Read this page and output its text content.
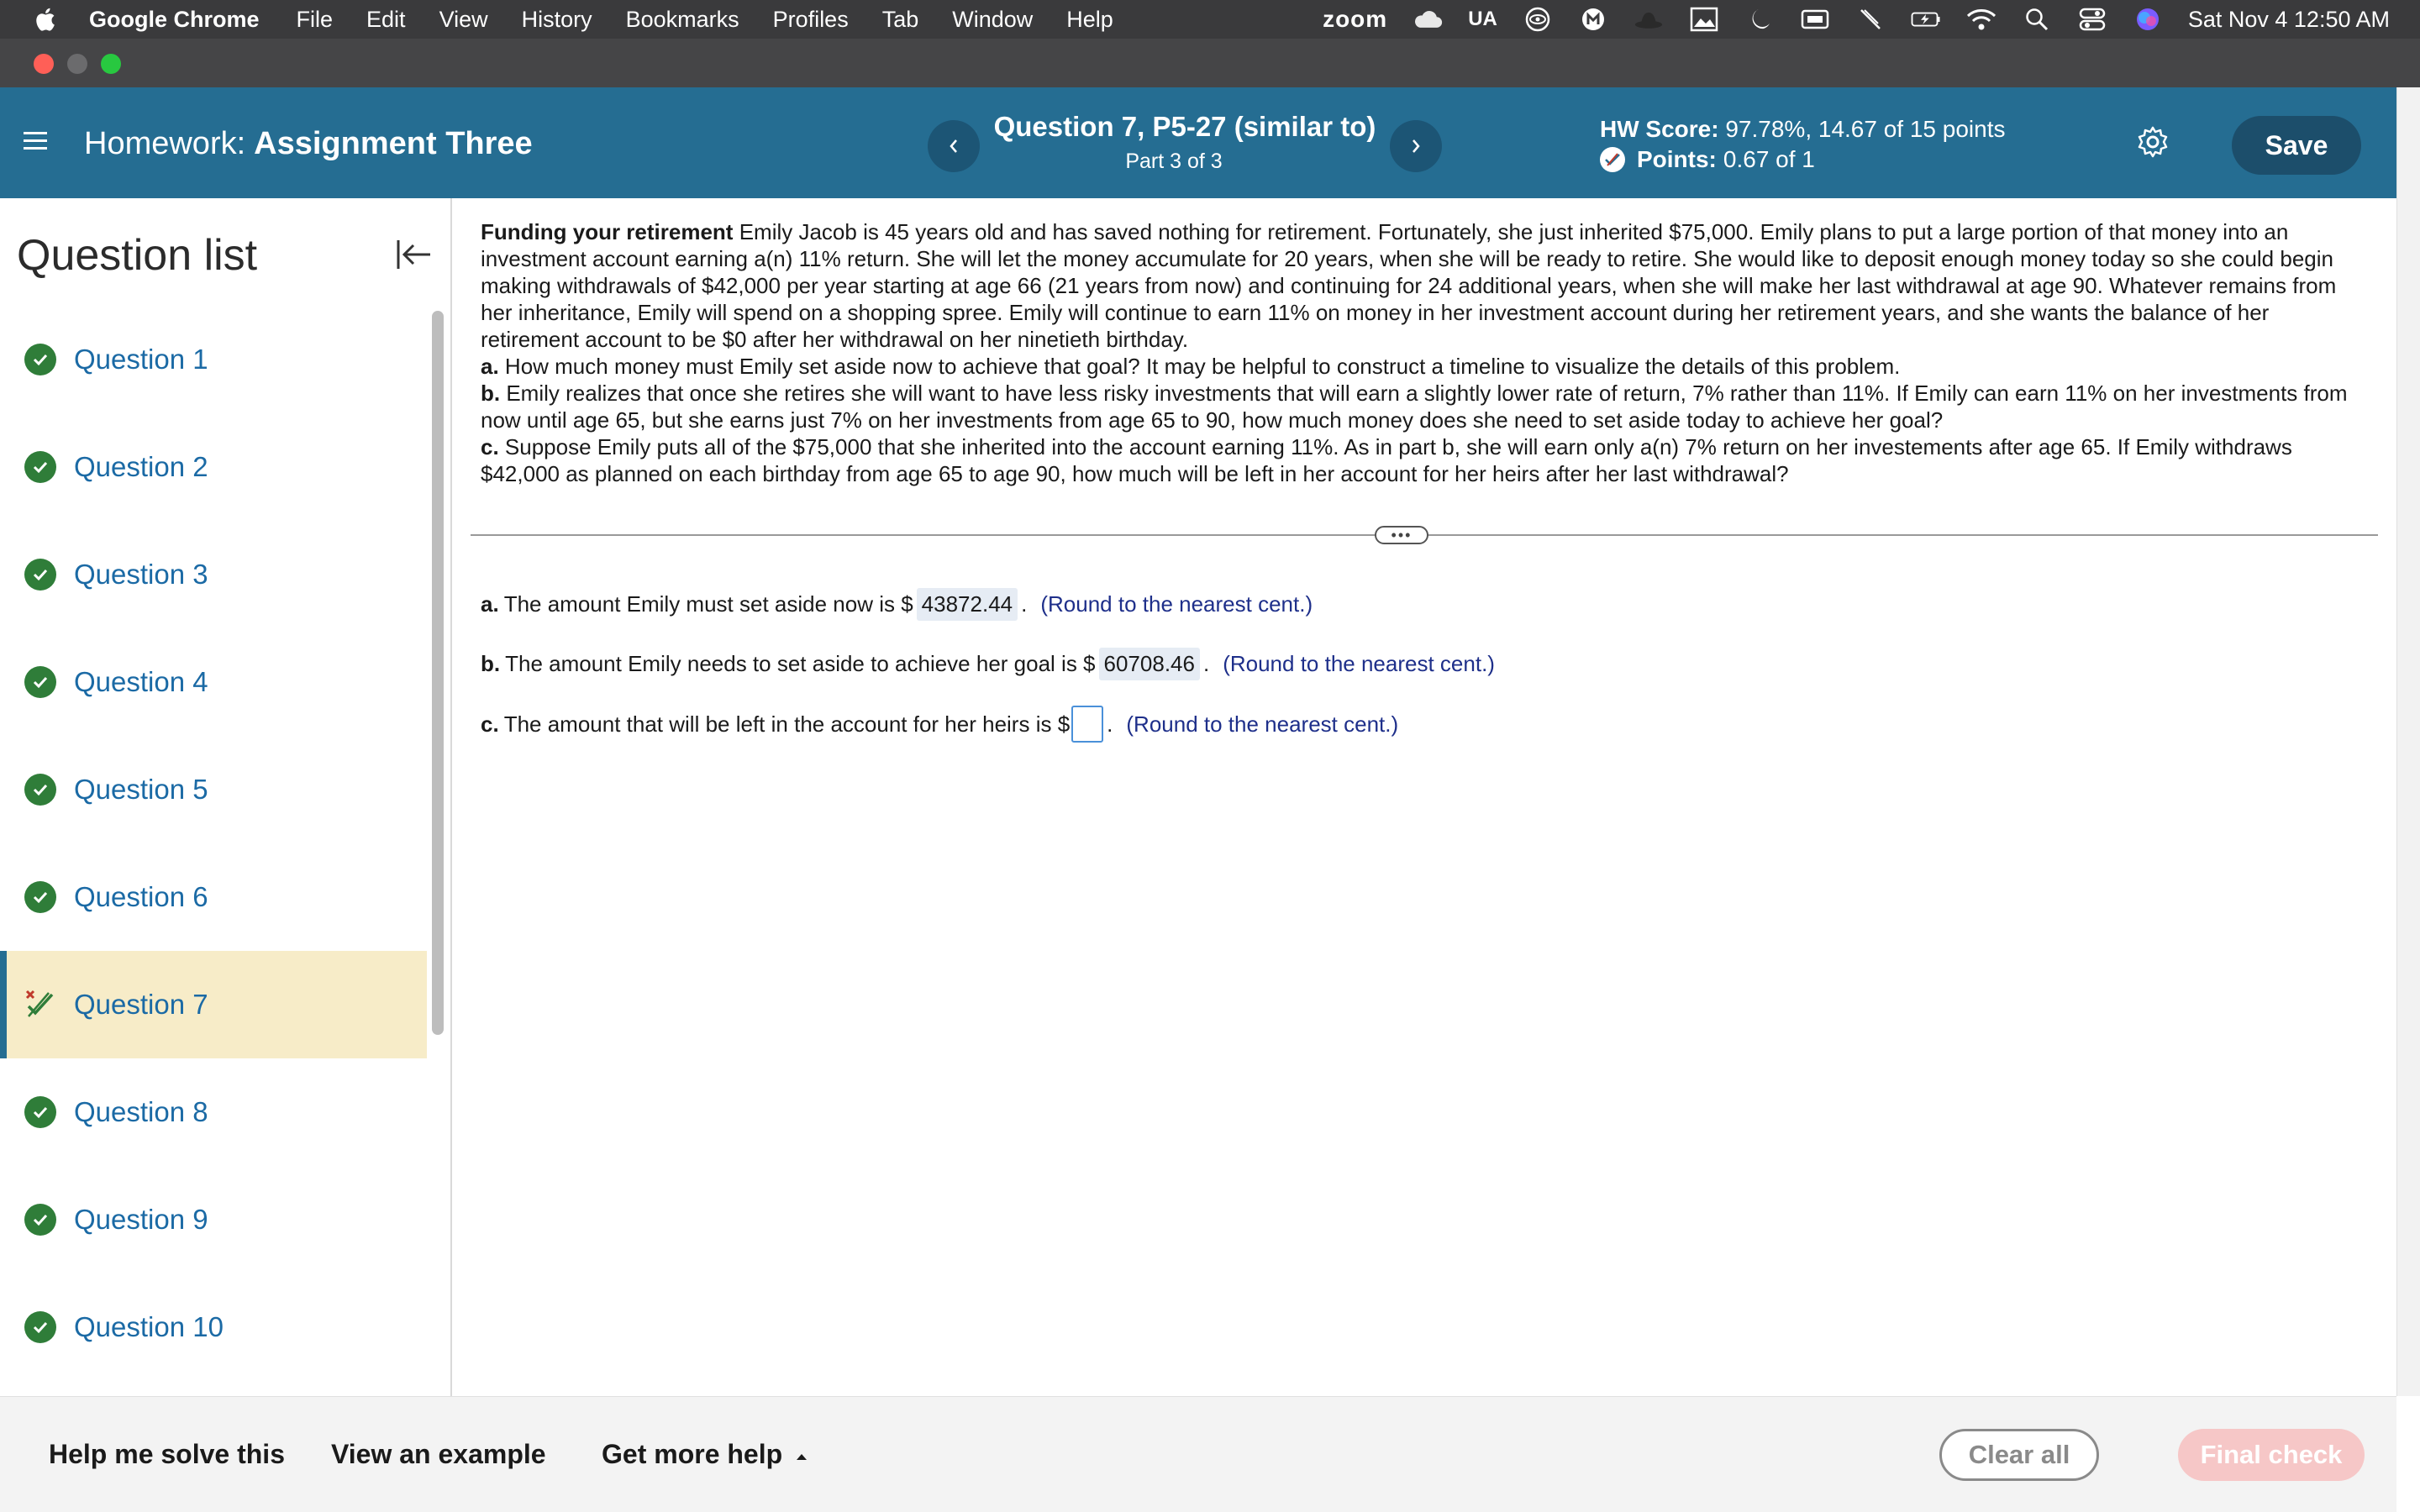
Google Chrome File Edit View History Bookmarks Profiles Tab Window Help	zoom	UA	Sat Nov 4 12:50 AM
Homework: Assignment Three	Question 7, P5-27 (similar to)
Part 3 of 3
HW Score: 97.78%, 14.67 of 15 points
Points: 0.67 of 1	Save
Question list
Question 1
Question 2
Question 3
Question 4
Question 5
Question 6
Question 7
Question 8
Question 9
Question 10

Funding your retirement Emily Jacob is 45 years old and has saved nothing for retirement. Fortunately, she just inherited $75,000. Emily plans to put a large portion of that money into an investment account earning a(n) 11% return. She will let the money accumulate for 20 years, when she will be ready to retire. She would like to deposit enough money today so she could begin making withdrawals of $42,000 per year starting at age 66 (21 years from now) and continuing for 24 additional years, when she will make her last withdrawal at age 90. Whatever remains from her inheritance, Emily will spend on a shopping spree. Emily will continue to earn 11% on money in her investment account during her retirement years, and she wants the balance of her retirement account to be $0 after her withdrawal on her ninetieth birthday.

a. How much money must Emily set aside now to achieve that goal? It may be helpful to construct a timeline to visualize the details of this problem.

b. Emily realizes that once she retires she will want to have less risky investments that will earn a slightly lower rate of return, 7% rather than 11%. If Emily can earn 11% on her investments from now until age 65, but she earns just 7% on her investments from age 65 to 90, how much money does she need to set aside today to achieve her goal?

c. Suppose Emily puts all of the $75,000 that she inherited into the account earning 11%. As in part b, she will earn only a(n) 7% return on her investements after age 65. If Emily withdraws $42,000 as planned on each birthday from age 65 to age 90, how much will be left in her account for her heirs after her last withdrawal?

•••
a. The amount Emily must set aside now is $ 43872.44 . (Round to the nearest cent.)
b. The amount Emily needs to set aside to achieve her goal is $ 60708.46 . (Round to the nearest cent.)
c. The amount that will be left in the account for her heirs is $ . (Round to the nearest cent.)
Help me solve this View an example Get more help	Clear all	Final check
